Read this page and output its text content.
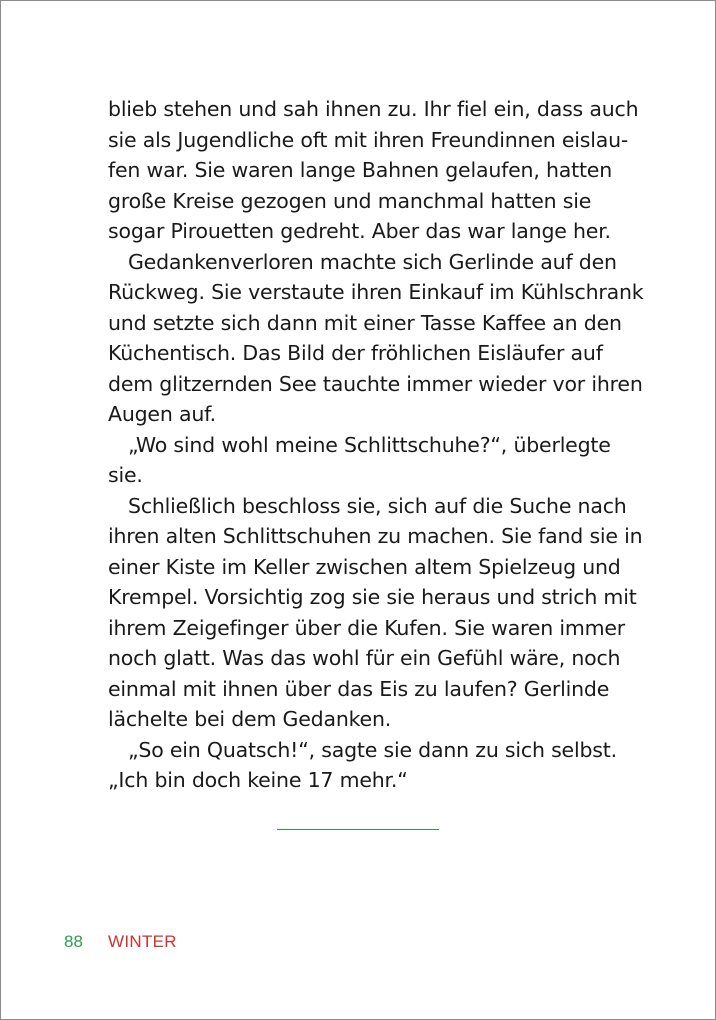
blieb stehen und sah ihnen zu. Ihr fiel ein, dass auch
sie als Jugendliche oft mit ihren Freundinnen eislau-
fen war. Sie waren lange Bahnen gelaufen, hatten
große Kreise gezogen und manchmal hatten sie
sogar Pirouetten gedreht. Aber das war lange her.
Gedankenverloren machte sich Gerlinde auf den
Rückweg. Sie verstaute ihren Einkauf im Kühlschrank
und setzte sich dann mit einer Tasse Kaffee an den
Küchentisch. Das Bild der fröhlichen Eisläufer auf
dem glitzernden See tauchte immer wieder vor ihren
Augen auf.
„Wo sind wohl meine Schlittschuhe?“, überlegte
sie.
Schließlich beschloss sie, sich auf die Suche nach
ihren alten Schlittschuhen zu machen. Sie fand sie in
einer Kiste im Keller zwischen altem Spielzeug und
Krempel. Vorsichtig zog sie sie heraus und strich mit
ihrem Zeigefinger über die Kufen. Sie waren immer
noch glatt. Was das wohl für ein Gefühl wäre, noch
einmal mit ihnen über das Eis zu laufen? Gerlinde
lächelte bei dem Gedanken.
„So ein Quatsch!“, sagte sie dann zu sich selbst.
„Ich bin doch keine 17 mehr.“
88 WINTER
